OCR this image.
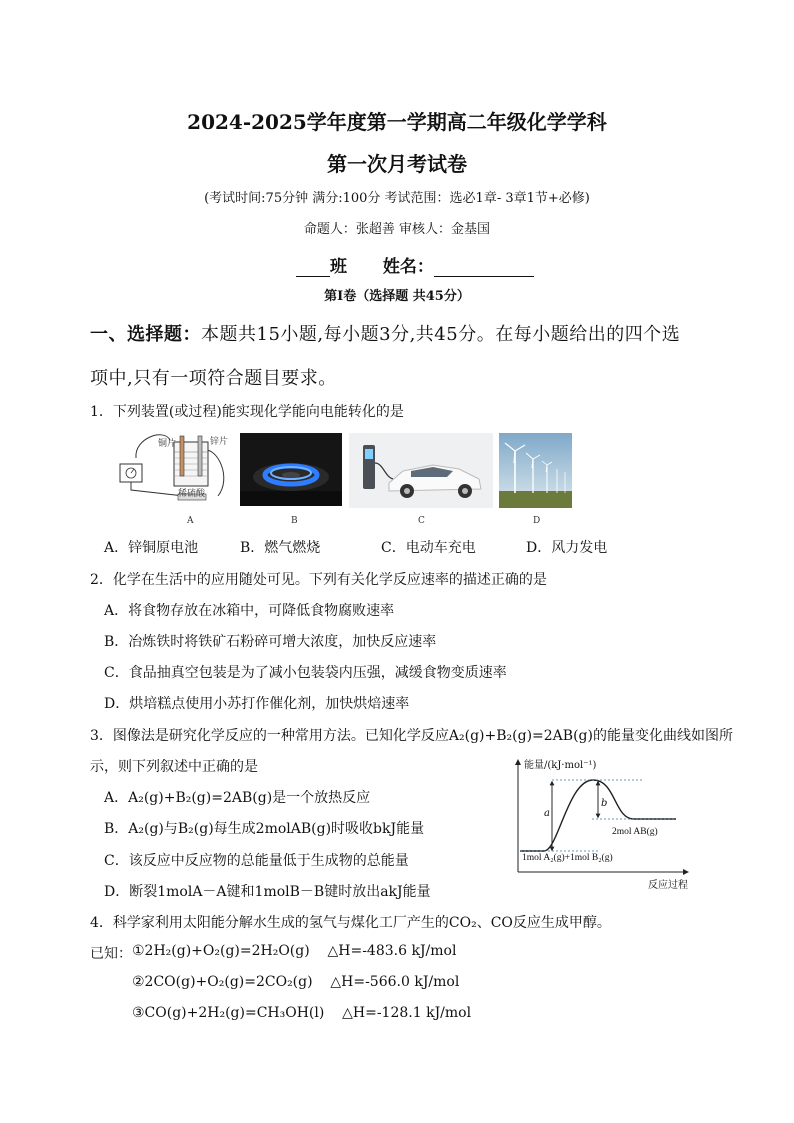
2024-2025学年度第一学期高二年级化学学科
第一次月考试卷
(考试时间:75分钟 满分:100分 考试范围：选必1章- 3章1节+必修)
命题人：张超善 审核人：金基国
班 姓名：
第Ⅰ卷（选择题 共45分）
一、选择题：本题共15小题,每小题3分,共45分。在每小题给出的四个选
项中,只有一项符合题目要求。
1．下列装置(或过程)能实现化学能向电能转化的是
铜片	锌片
稀硫酸
A	B	C	D
A．锌铜原电池	B．燃气燃烧	C．电动车充电	D．风力发电
2．化学在生活中的应用随处可见。下列有关化学反应速率的描述正确的是
A．将食物存放在冰箱中，可降低食物腐败速率
B．冶炼铁时将铁矿石粉碎可增大浓度，加快反应速率
C．食品抽真空包装是为了减小包装袋内压强，减缓食物变质速率
D．烘培糕点使用小苏打作催化剂，加快烘焙速率
3．图像法是研究化学反应的一种常用方法。已知化学反应A₂(g)+B₂(g)=2AB(g)的能量变化曲线如图所
示，则下列叙述中正确的是
A．A₂(g)+B₂(g)=2AB(g)是一个放热反应
B．A₂(g)与B₂(g)每生成2molAB(g)时吸收bkJ能量
C．该反应中反应物的总能量低于生成物的总能量
D．断裂1molA－A键和1molB－B键时放出akJ能量
能量/(kJ·mol⁻¹)
反应过程
1mol A₂(g)+1mol B₂(g)
2mol AB(g)
a
b
4．科学家利用太阳能分解水生成的氢气与煤化工厂产生的CO₂、CO反应生成甲醇。
已知： ①2H₂(g)+O₂(g)=2H₂O(g)    △H=-483.6 kJ/mol
②2CO(g)+O₂(g)=2CO₂(g)    △H=-566.0 kJ/mol
③CO(g)+2H₂(g)=CH₃OH(l)    △H=-128.1 kJ/mol
